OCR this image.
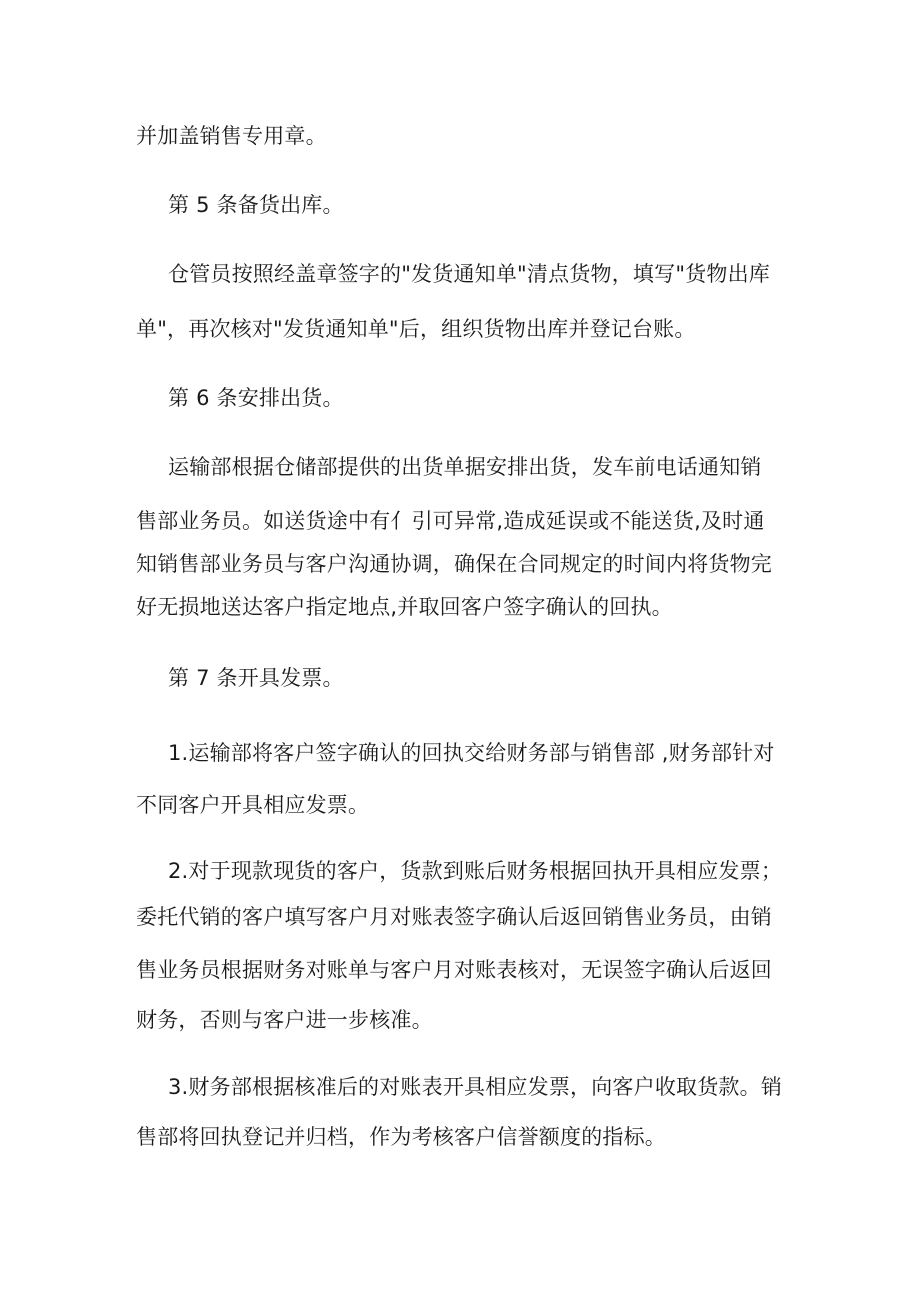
并加盖销售专用章。
第 5 条备货出库。
仓管员按照经盖章签字的"发货通知单"清点货物，填写"货物出库
单"，再次核对"发货通知单"后，组织货物出库并登记台账。
第 6 条安排出货。
运输部根据仓储部提供的出货单据安排出货，发车前电话通知销
售部业务员。如送货途中有⺅引可异常,造成延误或不能送货,及时通
知销售部业务员与客户沟通协调，确保在合同规定的时间内将货物完
好无损地送达客户指定地点,并取回客户签字确认的回执。
第 7 条开具发票。
1.运输部将客户签字确认的回执交给财务部与销售部 ,财务部针对
不同客户开具相应发票。
2.对于现款现货的客户，货款到账后财务根据回执开具相应发票；
委托代销的客户填写客户月对账表签字确认后返回销售业务员，由销
售业务员根据财务对账单与客户月对账表核对，无误签字确认后返回
财务，否则与客户进一步核准。
3.财务部根据核准后的对账表开具相应发票，向客户收取货款。销
售部将回执登记并归档，作为考核客户信誉额度的指标。
